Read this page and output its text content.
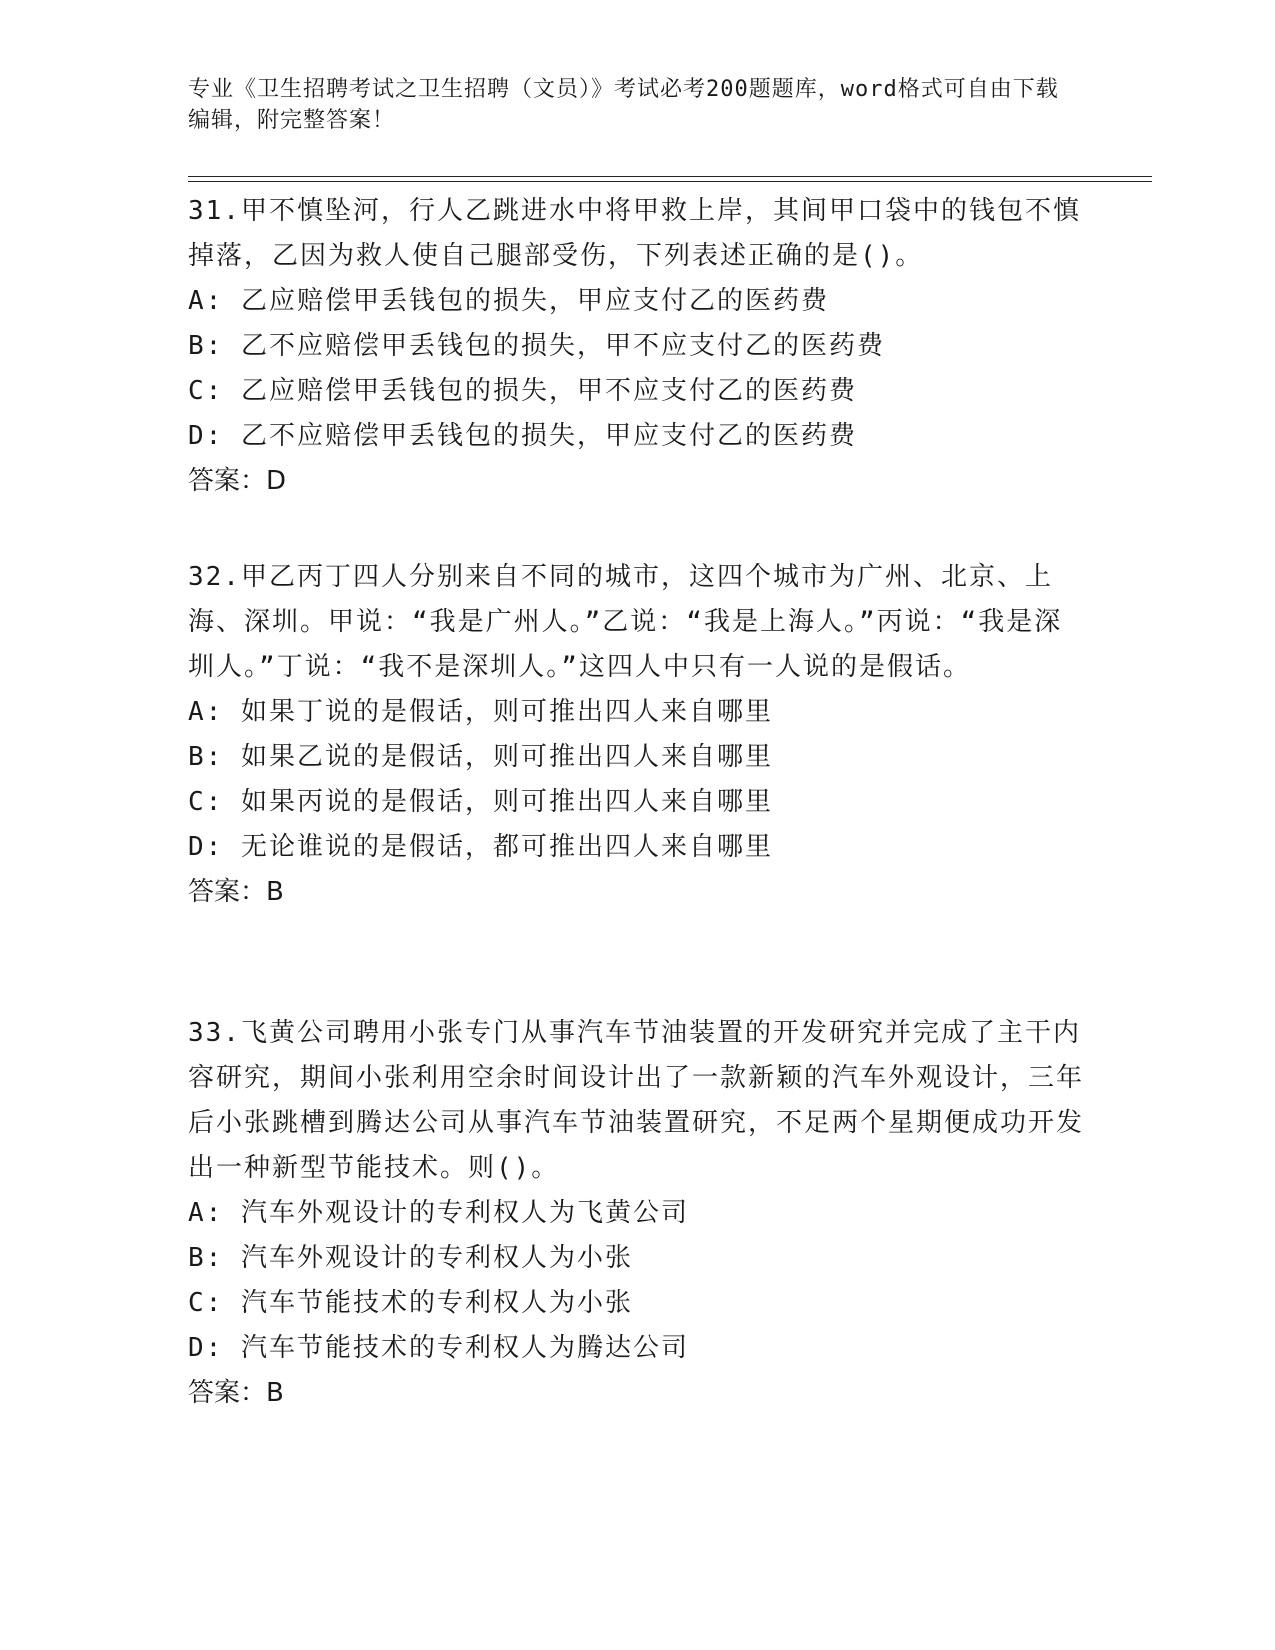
专业《卫生招聘考试之卫生招聘（文员）》考试必考200题题库，word格式可自由下载编辑，附完整答案！
31.甲不慎坠河，行人乙跳进水中将甲救上岸，其间甲口袋中的钱包不慎掉落，乙因为救人使自己腿部受伤，下列表述正确的是()。
A: 乙应赔偿甲丢钱包的损失，甲应支付乙的医药费
B: 乙不应赔偿甲丢钱包的损失，甲不应支付乙的医药费
C: 乙应赔偿甲丢钱包的损失，甲不应支付乙的医药费
D: 乙不应赔偿甲丢钱包的损失，甲应支付乙的医药费
答案：D
32.甲乙丙丁四人分别来自不同的城市，这四个城市为广州、北京、上海、深圳。甲说：“我是广州人。”乙说：“我是上海人。”丙说：“我是深圳人。”丁说：“我不是深圳人。”这四人中只有一人说的是假话。
A: 如果丁说的是假话，则可推出四人来自哪里
B: 如果乙说的是假话，则可推出四人来自哪里
C: 如果丙说的是假话，则可推出四人来自哪里
D: 无论谁说的是假话，都可推出四人来自哪里
答案：B
33.飞黄公司聘用小张专门从事汽车节油装置的开发研究并完成了主干内容研究，期间小张利用空余时间设计出了一款新颖的汽车外观设计，三年后小张跳槽到腾达公司从事汽车节油装置研究，不足两个星期便成功开发出一种新型节能技术。则()。
A: 汽车外观设计的专利权人为飞黄公司
B: 汽车外观设计的专利权人为小张
C: 汽车节能技术的专利权人为小张
D: 汽车节能技术的专利权人为腾达公司
答案：B
